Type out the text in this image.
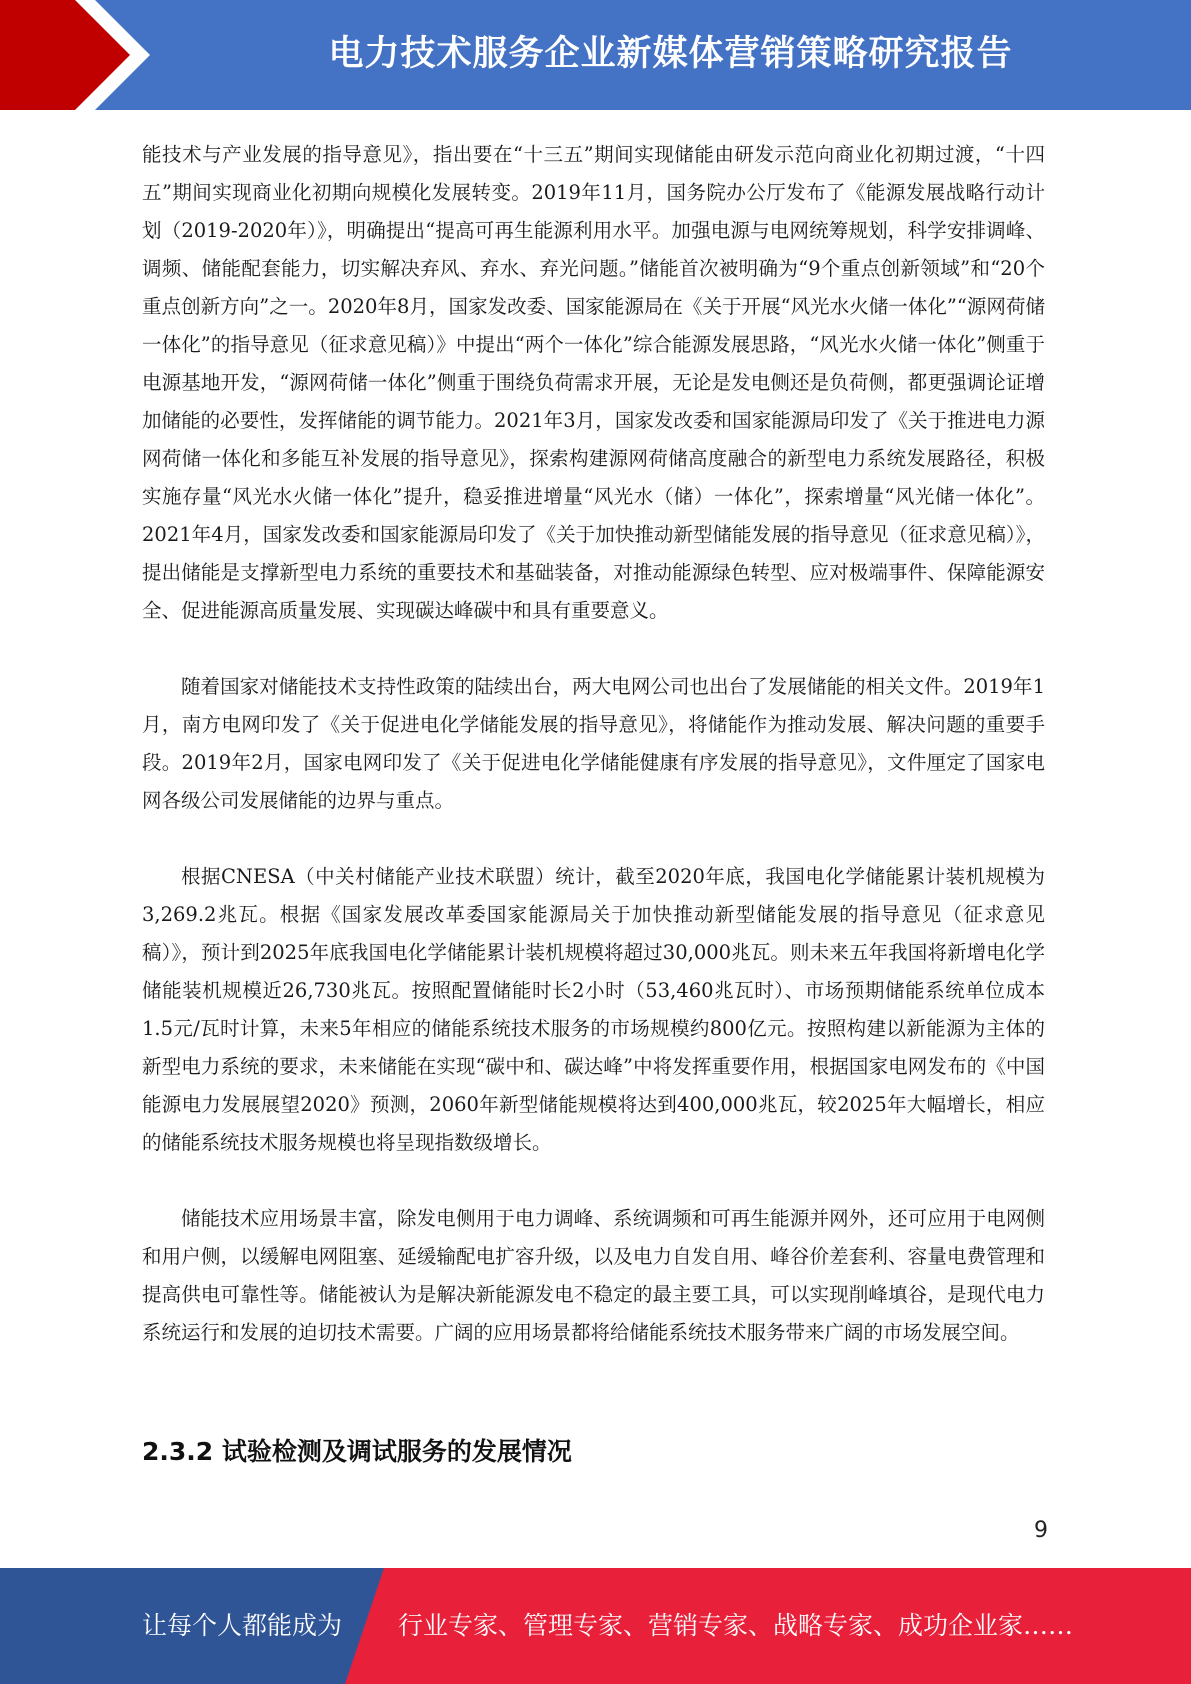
电力技术服务企业新媒体营销策略研究报告

能技术与产业发展的指导意见》，指出要在“十三五”期间实现储能由研发示范向商业化初期过渡，“十四五”期间实现商业化初期向规模化发展转变。2019年11月，国务院办公厅发布了《能源发展战略行动计划（2019-2020年）》，明确提出“提高可再生能源利用水平。加强电源与电网统筹规划，科学安排调峰、调频、储能配套能力，切实解决弃风、弃水、弃光问题。”储能首次被明确为“9个重点创新领域”和“20个重点创新方向”之一。2020年8月，国家发改委、国家能源局在《关于开展“风光水火储一体化”“源网荷储一体化”的指导意见（征求意见稿）》中提出“两个一体化”综合能源发展思路，“风光水火储一体化”侧重于电源基地开发，“源网荷储一体化”侧重于围绕负荷需求开展，无论是发电侧还是负荷侧，都更强调论证增加储能的必要性，发挥储能的调节能力。2021年3月，国家发改委和国家能源局印发了《关于推进电力源网荷储一体化和多能互补发展的指导意见》，探索构建源网荷储高度融合的新型电力系统发展路径，积极实施存量“风光水火储一体化”提升，稳妥推进增量“风光水（储）一体化”，探索增量“风光储一体化”。2021年4月，国家发改委和国家能源局印发了《关于加快推动新型储能发展的指导意见（征求意见稿）》，提出储能是支撑新型电力系统的重要技术和基础装备，对推动能源绿色转型、应对极端事件、保障能源安全、促进能源高质量发展、实现碳达峰碳中和具有重要意义。

随着国家对储能技术支持性政策的陆续出台，两大电网公司也出台了发展储能的相关文件。2019年1月，南方电网印发了《关于促进电化学储能发展的指导意见》，将储能作为推动发展、解决问题的重要手段。2019年2月，国家电网印发了《关于促进电化学储能健康有序发展的指导意见》，文件厘定了国家电网各级公司发展储能的边界与重点。

根据CNESA（中关村储能产业技术联盟）统计，截至2020年底，我国电化学储能累计装机规模为3,269.2兆瓦。根据《国家发展改革委国家能源局关于加快推动新型储能发展的指导意见（征求意见稿）》，预计到2025年底我国电化学储能累计装机规模将超过30,000兆瓦。则未来五年我国将新增电化学储能装机规模近26,730兆瓦。按照配置储能时长2小时（53,460兆瓦时）、市场预期储能系统单位成本1.5元/瓦时计算，未来5年相应的储能系统技术服务的市场规模约800亿元。按照构建以新能源为主体的新型电力系统的要求，未来储能在实现“碳中和、碳达峰”中将发挥重要作用，根据国家电网发布的《中国能源电力发展展望2020》预测，2060年新型储能规模将达到400,000兆瓦，较2025年大幅增长，相应的储能系统技术服务规模也将呈现指数级增长。

储能技术应用场景丰富，除发电侧用于电力调峰、系统调频和可再生能源并网外，还可应用于电网侧和用户侧，以缓解电网阻塞、延缓输配电扩容升级，以及电力自发自用、峰谷价差套利、容量电费管理和提高供电可靠性等。储能被认为是解决新能源发电不稳定的最主要工具，可以实现削峰填谷，是现代电力系统运行和发展的迫切技术需要。广阔的应用场景都将给储能系统技术服务带来广阔的市场发展空间。

2.3.2 试验检测及调试服务的发展情况
9
让每个人都能成为 行业专家、管理专家、营销专家、战略专家、成功企业家……
